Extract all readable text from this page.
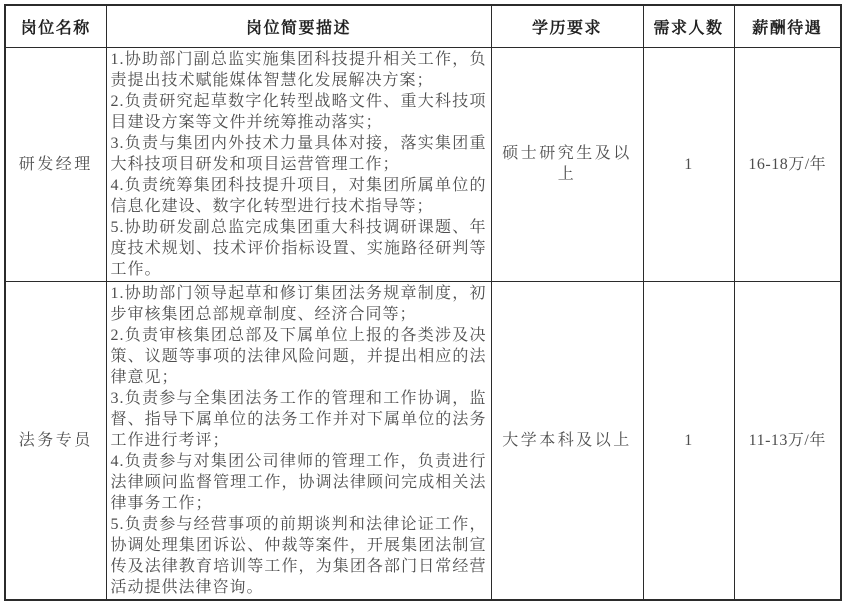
岗位名称	岗位简要描述	学历要求	需求人数	薪酬待遇
研发经理	1.协助部门副总监实施集团科技提升相关工作，负责提出技术赋能媒体智慧化发展解决方案；

2.负责研究起草数字化转型战略文件、重大科技项目建设方案等文件并统筹推动落实；

3.负责与集团内外技术力量具体对接，落实集团重大科技项目研发和项目运营管理工作；

4.负责统筹集团科技提升项目，对集团所属单位的信息化建设、数字化转型进行技术指导等；

5.协助研发副总监完成集团重大科技调研课题、年度技术规划、技术评价指标设置、实施路径研判等工作。	硕士研究生及以上	1	16-18万/年
法务专员	1.协助部门领导起草和修订集团法务规章制度，初步审核集团总部规章制度、经济合同等；

2.负责审核集团总部及下属单位上报的各类涉及决策、议题等事项的法律风险问题，并提出相应的法律意见；

3.负责参与全集团法务工作的管理和工作协调，监督、指导下属单位的法务工作并对下属单位的法务工作进行考评；

4.负责参与对集团公司律师的管理工作，负责进行法律顾问监督管理工作，协调法律顾问完成相关法律事务工作；

5.负责参与经营事项的前期谈判和法律论证工作，协调处理集团诉讼、仲裁等案件，开展集团法制宣传及法律教育培训等工作，为集团各部门日常经营活动提供法律咨询。	大学本科及以上	1	11-13万/年
